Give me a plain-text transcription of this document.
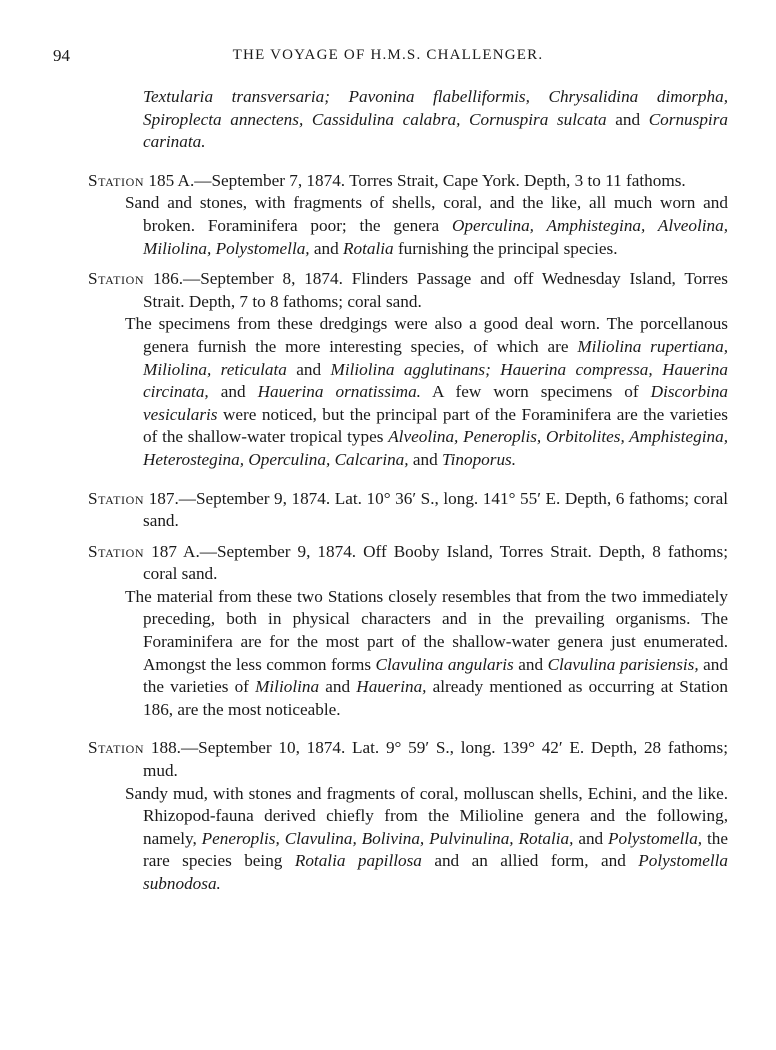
94	THE VOYAGE OF H.M.S. CHALLENGER.

Textularia transversaria; Pavonina flabelliformis, Chrysalidina dimorpha, Spiroplecta annectens, Cassidulina calabra, Cornuspira sulcata and Cornuspira carinata.

Station 185 A.—September 7, 1874. Torres Strait, Cape York. Depth, 3 to 11 fathoms.

Sand and stones, with fragments of shells, coral, and the like, all much worn and broken. Foraminifera poor; the genera Operculina, Amphistegina, Alveolina, Miliolina, Polystomella, and Rotalia furnishing the principal species.

Station 186.—September 8, 1874. Flinders Passage and off Wednesday Island, Torres Strait. Depth, 7 to 8 fathoms; coral sand.

The specimens from these dredgings were also a good deal worn. The porcellanous genera furnish the more interesting species, of which are Miliolina rupertiana, Miliolina, reticulata and Miliolina agglutinans; Hauerina compressa, Hauerina circinata, and Hauerina ornatissima. A few worn specimens of Discorbina vesicularis were noticed, but the principal part of the Foraminifera are the varieties of the shallow-water tropical types Alveolina, Peneroplis, Orbitolites, Amphistegina, Heterostegina, Operculina, Calcarina, and Tinoporus.

Station 187.—September 9, 1874. Lat. 10° 36′ S., long. 141° 55′ E. Depth, 6 fathoms; coral sand.

Station 187 A.—September 9, 1874. Off Booby Island, Torres Strait. Depth, 8 fathoms; coral sand.

The material from these two Stations closely resembles that from the two immediately preceding, both in physical characters and in the prevailing organisms. The Foraminifera are for the most part of the shallow-water genera just enumerated. Amongst the less common forms Clavulina angularis and Clavulina parisiensis, and the varieties of Miliolina and Hauerina, already mentioned as occurring at Station 186, are the most noticeable.

Station 188.—September 10, 1874. Lat. 9° 59′ S., long. 139° 42′ E. Depth, 28 fathoms; mud.

Sandy mud, with stones and fragments of coral, molluscan shells, Echini, and the like. Rhizopod-fauna derived chiefly from the Milioline genera and the following, namely, Peneroplis, Clavulina, Bolivina, Pulvinulina, Rotalia, and Polystomella, the rare species being Rotalia papillosa and an allied form, and Polystomella subnodosa.
